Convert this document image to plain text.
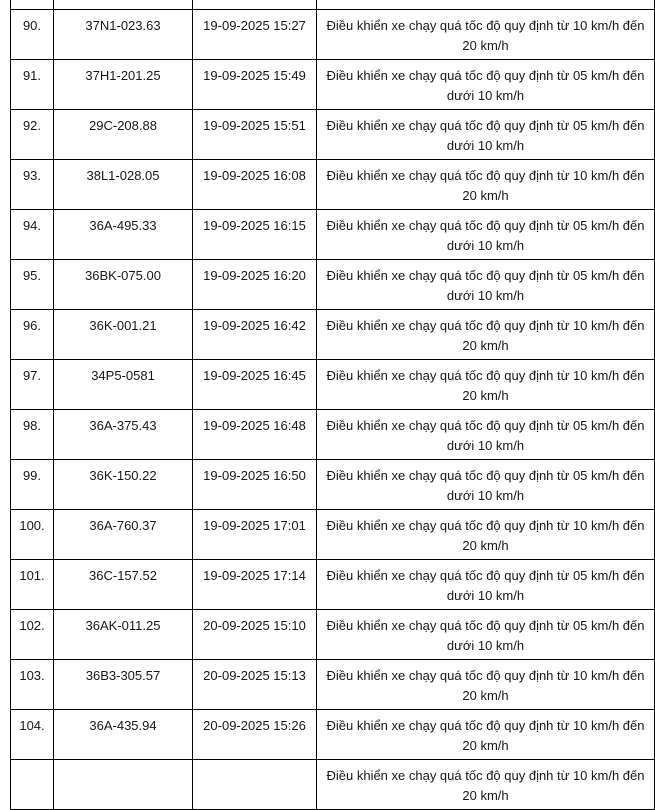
90.	37N1-023.63	19-09-2025 15:27	Điều khiển xe chạy quá tốc độ quy định từ 10 km/h đến 20 km/h
91.	37H1-201.25	19-09-2025 15:49	Điều khiển xe chạy quá tốc độ quy định từ 05 km/h đến dưới 10 km/h
92.	29C-208.88	19-09-2025 15:51	Điều khiển xe chạy quá tốc độ quy định từ 05 km/h đến dưới 10 km/h
93.	38L1-028.05	19-09-2025 16:08	Điều khiển xe chạy quá tốc độ quy định từ 10 km/h đến 20 km/h
94.	36A-495.33	19-09-2025 16:15	Điều khiển xe chạy quá tốc độ quy định từ 05 km/h đến dưới 10 km/h
95.	36BK-075.00	19-09-2025 16:20	Điều khiển xe chạy quá tốc độ quy định từ 05 km/h đến dưới 10 km/h
96.	36K-001.21	19-09-2025 16:42	Điều khiển xe chạy quá tốc độ quy định từ 10 km/h đến 20 km/h
97.	34P5-0581	19-09-2025 16:45	Điều khiển xe chạy quá tốc độ quy định từ 10 km/h đến 20 km/h
98.	36A-375.43	19-09-2025 16:48	Điều khiển xe chạy quá tốc độ quy định từ 05 km/h đến dưới 10 km/h
99.	36K-150.22	19-09-2025 16:50	Điều khiển xe chạy quá tốc độ quy định từ 05 km/h đến dưới 10 km/h
100.	36A-760.37	19-09-2025 17:01	Điều khiển xe chạy quá tốc độ quy định từ 10 km/h đến 20 km/h
101.	36C-157.52	19-09-2025 17:14	Điều khiển xe chạy quá tốc độ quy định từ 05 km/h đến dưới 10 km/h
102.	36AK-011.25	20-09-2025 15:10	Điều khiển xe chạy quá tốc độ quy định từ 05 km/h đến dưới 10 km/h
103.	36B3-305.57	20-09-2025 15:13	Điều khiển xe chạy quá tốc độ quy định từ 10 km/h đến 20 km/h
104.	36A-435.94	20-09-2025 15:26	Điều khiển xe chạy quá tốc độ quy định từ 10 km/h đến 20 km/h
			Điều khiển xe chạy quá tốc độ quy định từ 10 km/h đến 20 km/h
